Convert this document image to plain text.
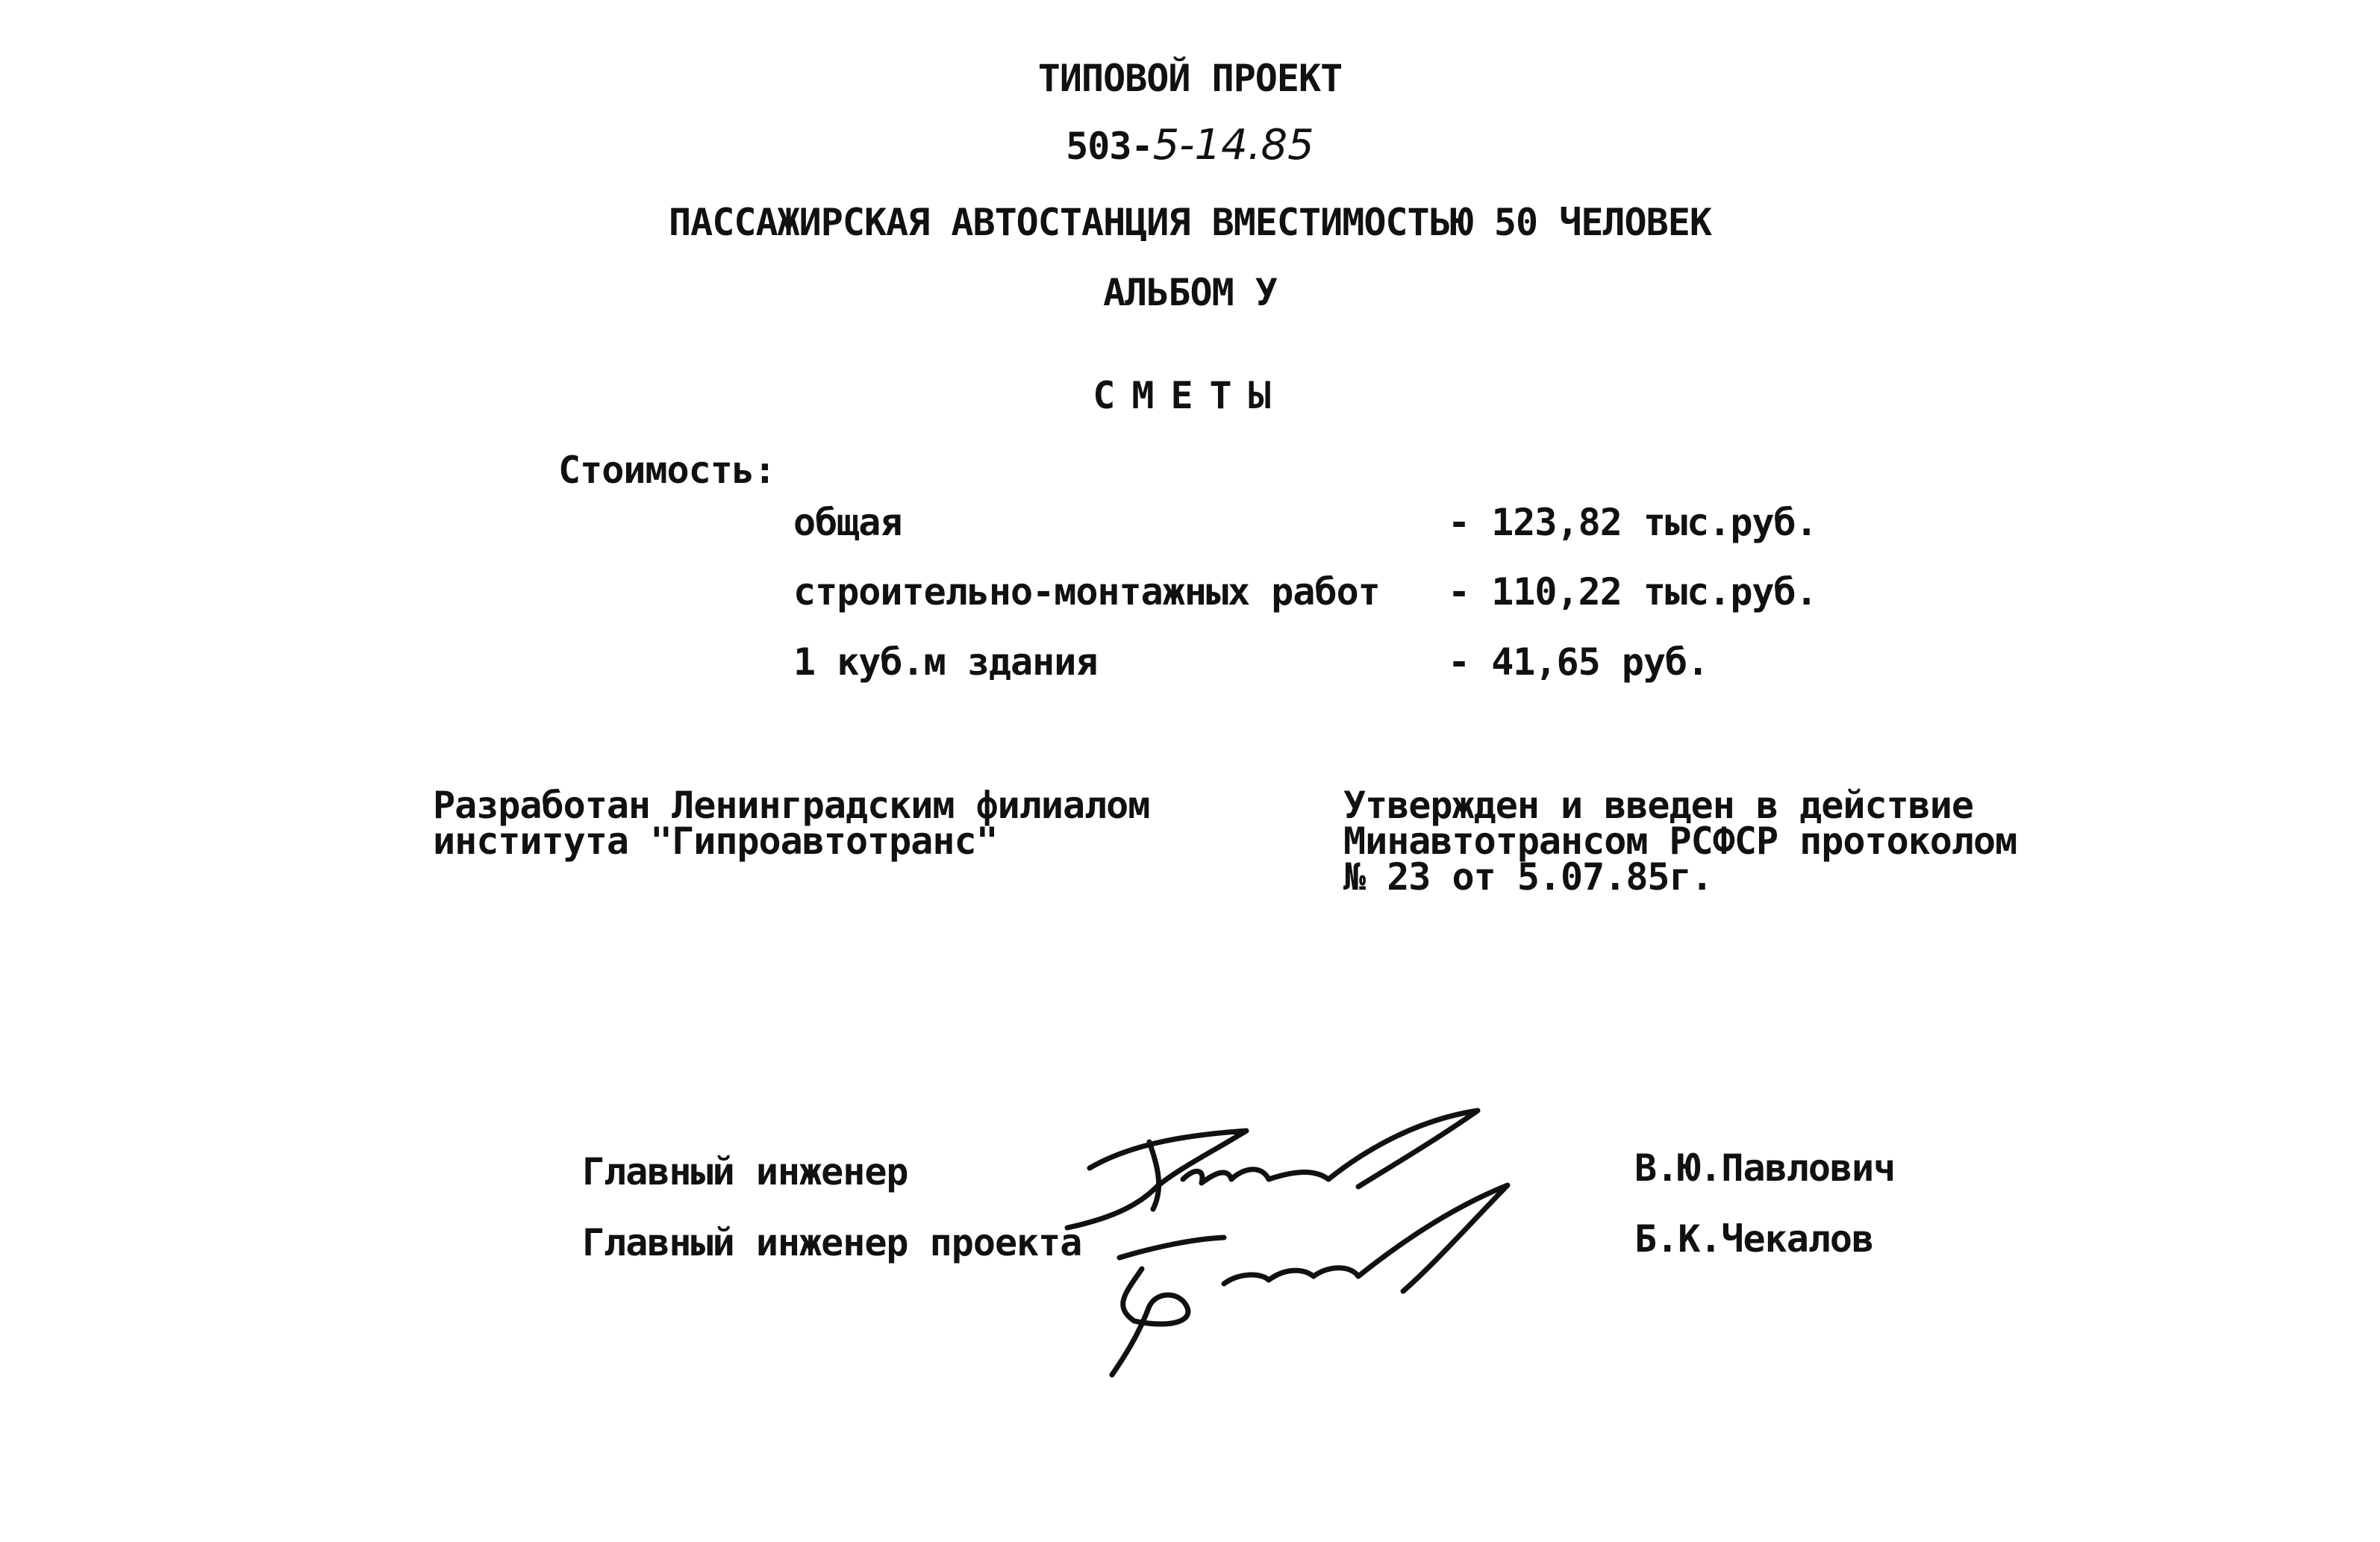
ТИПОВОЙ ПРОЕКТ
503-5-14.85
ПАССАЖИРСКАЯ АВТОСТАНЦИЯ ВМЕСТИМОСТЬЮ 50 ЧЕЛОВЕК
АЛЬБОМ У
СМЕТЫ
Стоимость:
общая	- 123,82 тыс.руб.
строительно-монтажных работ - 110,22 тыс.руб.
1 куб.м здания	- 41,65 руб.
Разработан Ленинградским филиалом
института "Гипроавтотранс"
Утвержден и введен в действие
Минавтотрансом РСФСР протоколом
№ 23 от 5.07.85г.
Главный инженер	В.Ю.Павлович
Главный инженер проекта	Б.К.Чекалов
